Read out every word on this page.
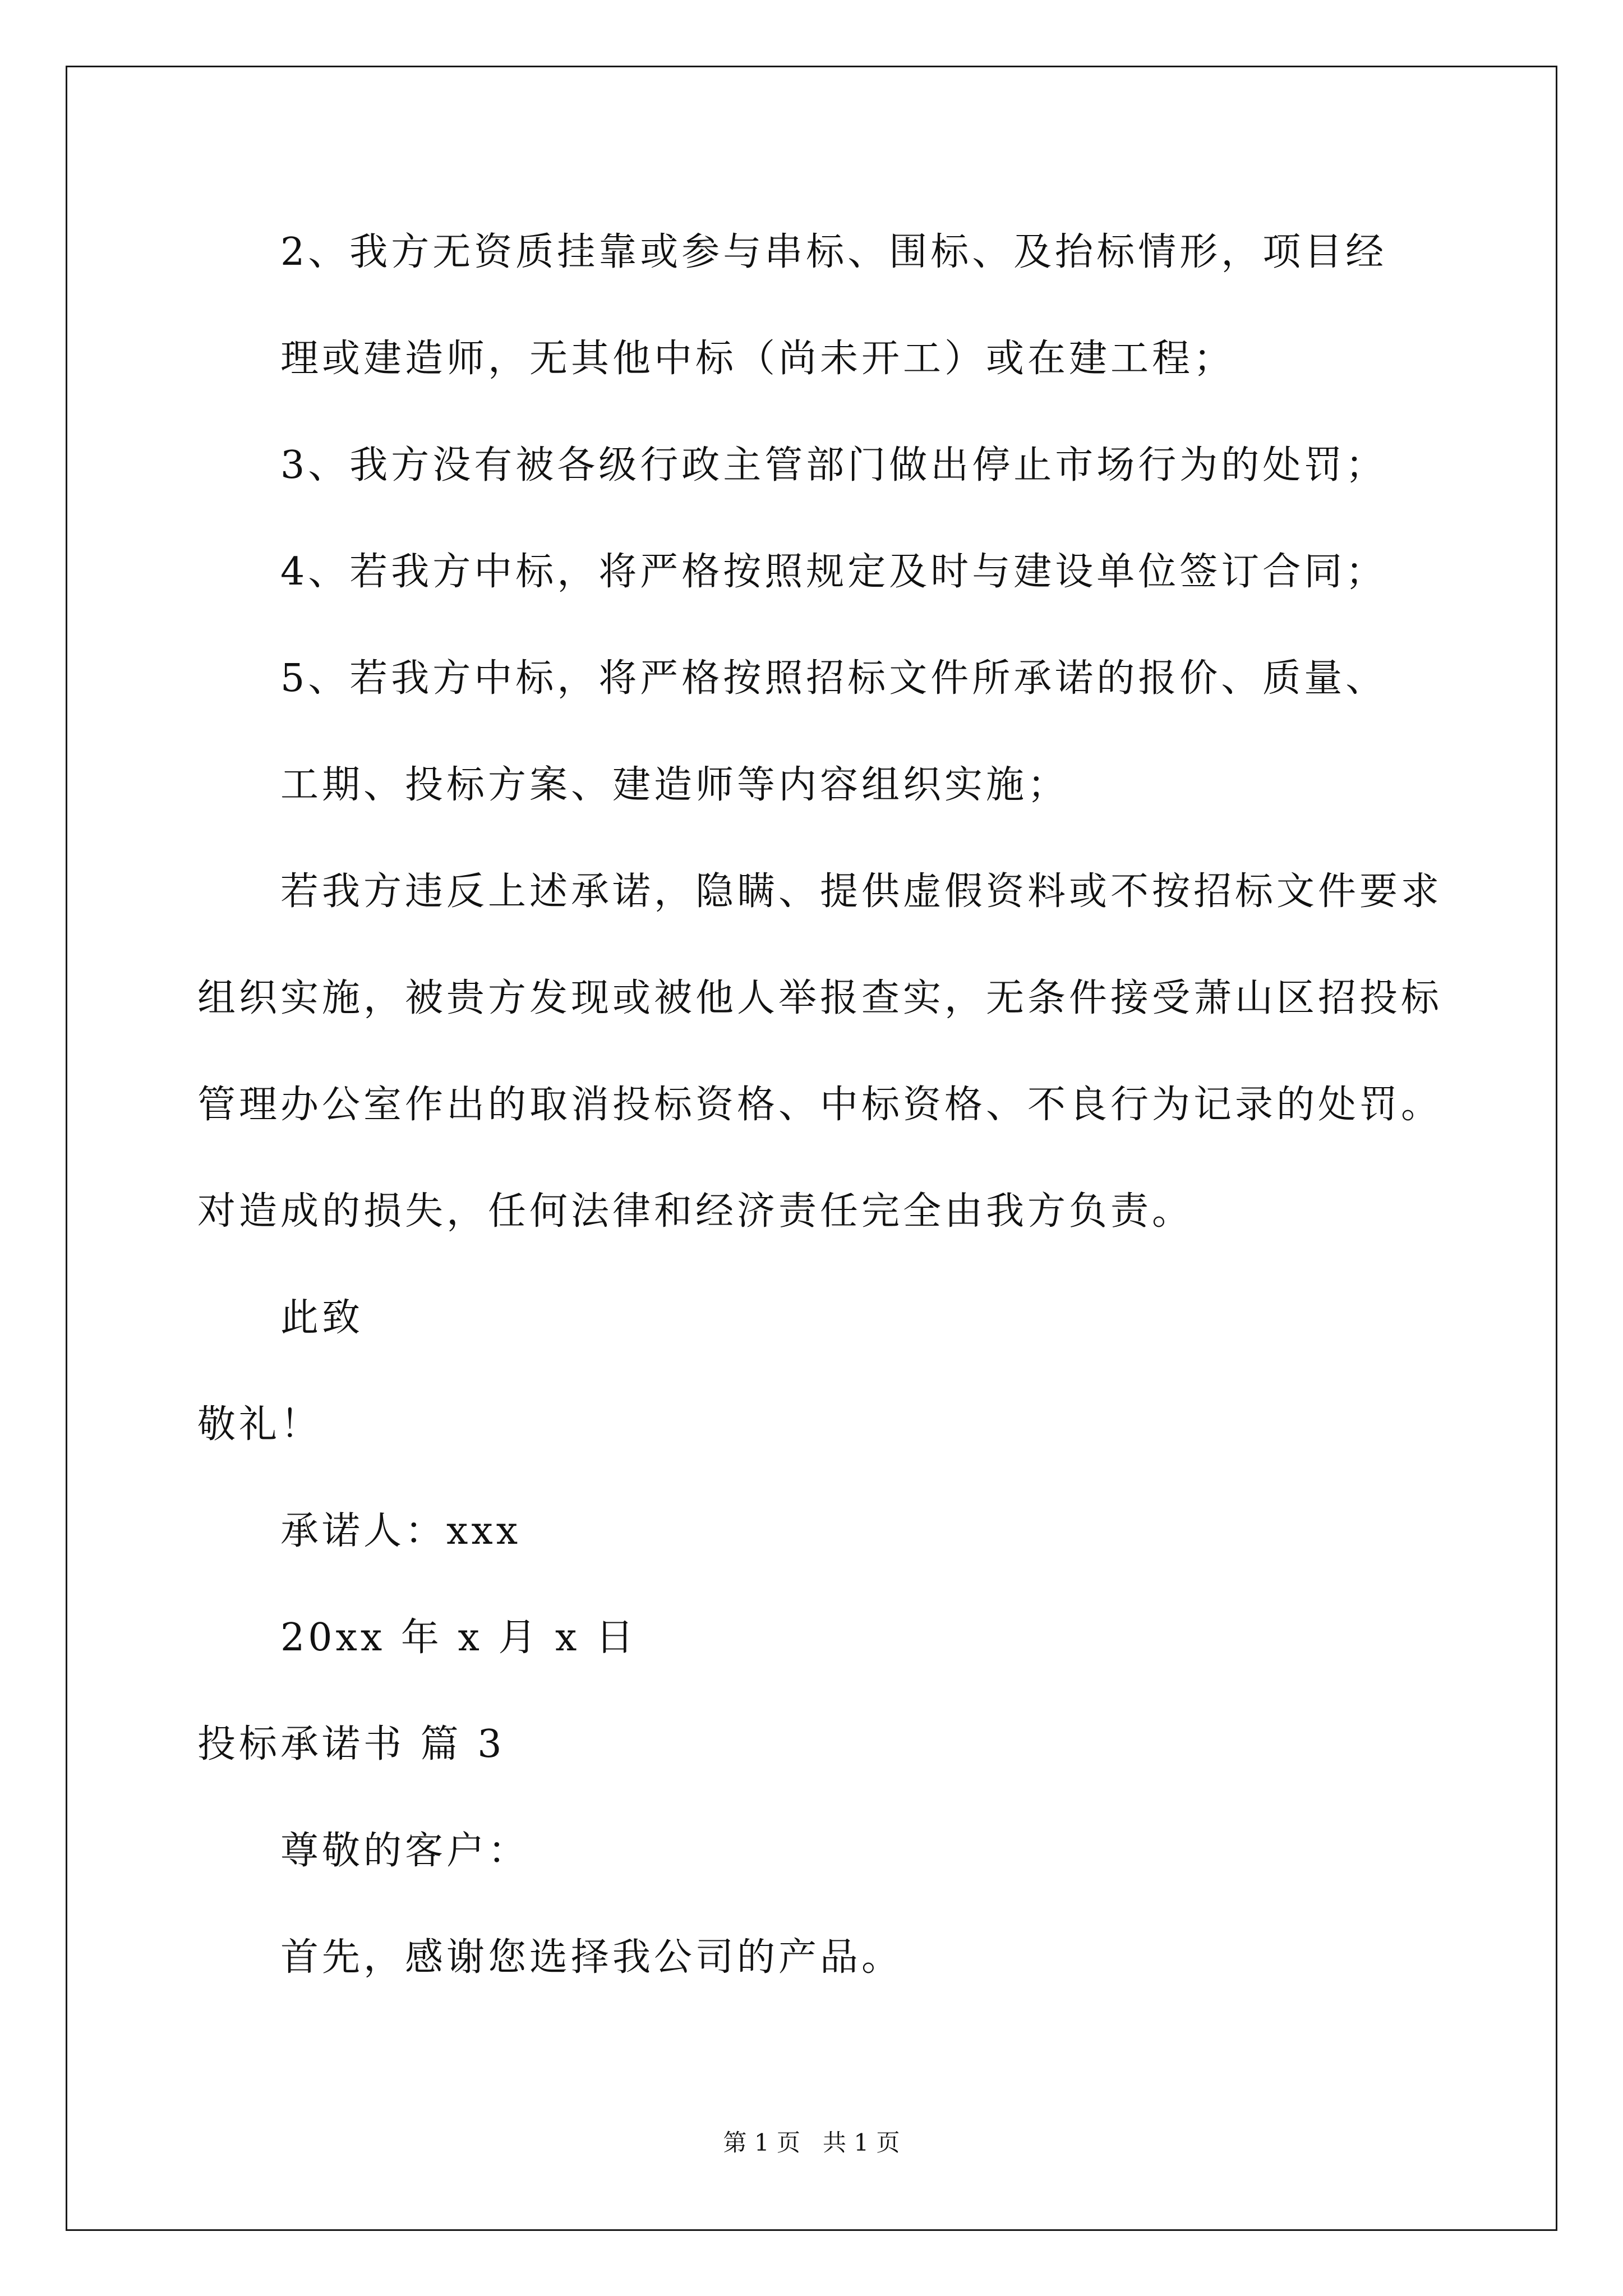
2、我方无资质挂靠或参与串标、围标、及抬标情形，项目经
理或建造师，无其他中标（尚未开工）或在建工程；
3、我方没有被各级行政主管部门做出停止市场行为的处罚；
4、若我方中标，将严格按照规定及时与建设单位签订合同；
5、若我方中标，将严格按照招标文件所承诺的报价、质量、
工期、投标方案、建造师等内容组织实施；
若我方违反上述承诺，隐瞒、提供虚假资料或不按招标文件要求
组织实施，被贵方发现或被他人举报查实，无条件接受萧山区招投标
管理办公室作出的取消投标资格、中标资格、不良行为记录的处罚。
对造成的损失，任何法律和经济责任完全由我方负责。
此致
敬礼！
承诺人：xxx
20xx 年 x 月 x 日
投标承诺书 篇 3
尊敬的客户：
首先，感谢您选择我公司的产品。
第 1 页   共 1 页
